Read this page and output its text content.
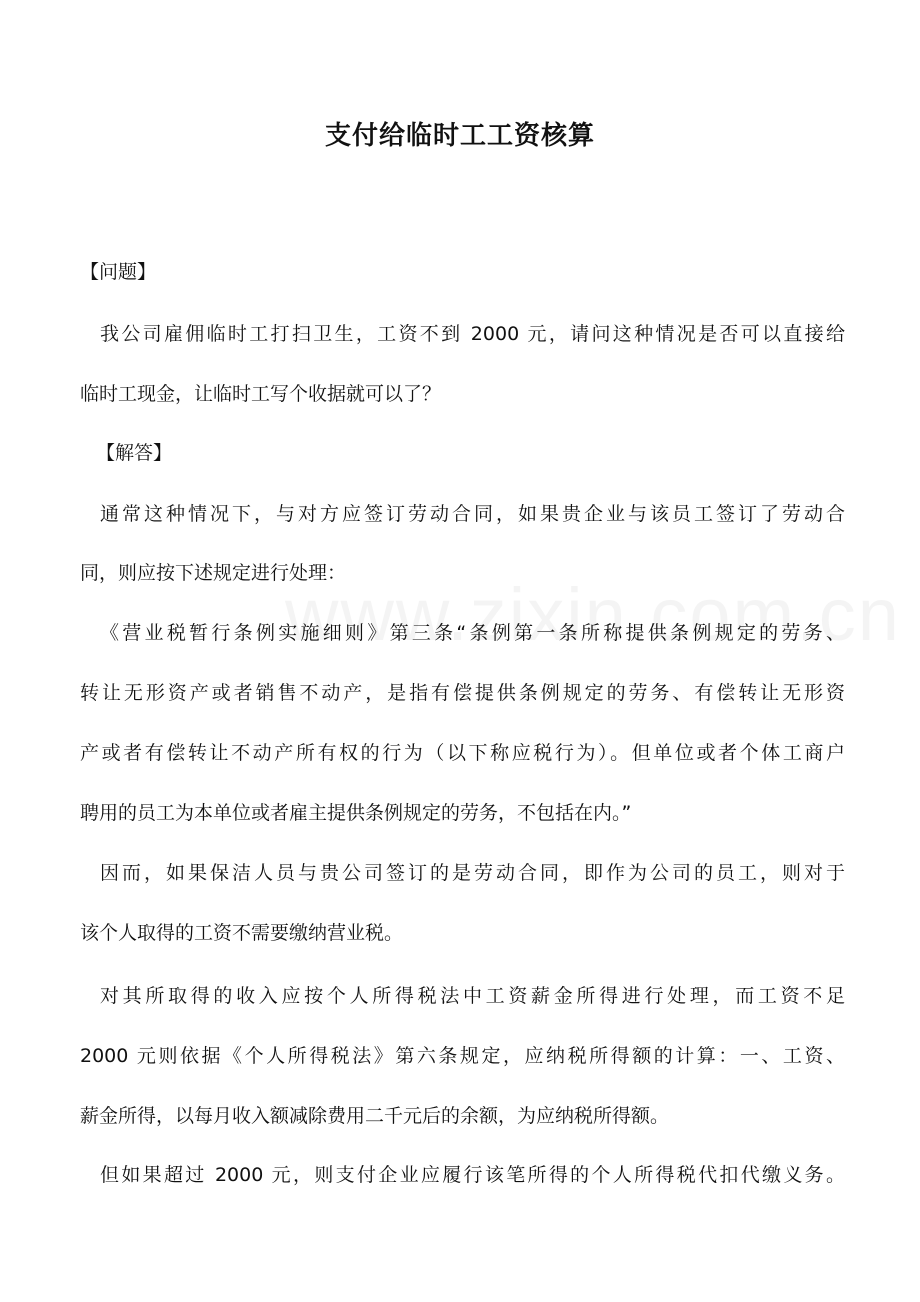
支付给临时工工资核算
【问题】
我公司雇佣临时工打扫卫生，工资不到 2000 元，请问这种情况是否可以直接给
临时工现金，让临时工写个收据就可以了？
【解答】
通常这种情况下，与对方应签订劳动合同，如果贵企业与该员工签订了劳动合
同，则应按下述规定进行处理：
《营业税暂行条例实施细则》第三条“条例第一条所称提供条例规定的劳务、
转让无形资产或者销售不动产，是指有偿提供条例规定的劳务、有偿转让无形资
产或者有偿转让不动产所有权的行为（以下称应税行为）。但单位或者个体工商户
聘用的员工为本单位或者雇主提供条例规定的劳务，不包括在内。”
因而，如果保洁人员与贵公司签订的是劳动合同，即作为公司的员工，则对于
该个人取得的工资不需要缴纳营业税。
对其所取得的收入应按个人所得税法中工资薪金所得进行处理，而工资不足
2000 元则依据《个人所得税法》第六条规定，应纳税所得额的计算：一、工资、
薪金所得，以每月收入额减除费用二千元后的余额，为应纳税所得额。
但如果超过 2000 元，则支付企业应履行该笔所得的个人所得税代扣代缴义务。
